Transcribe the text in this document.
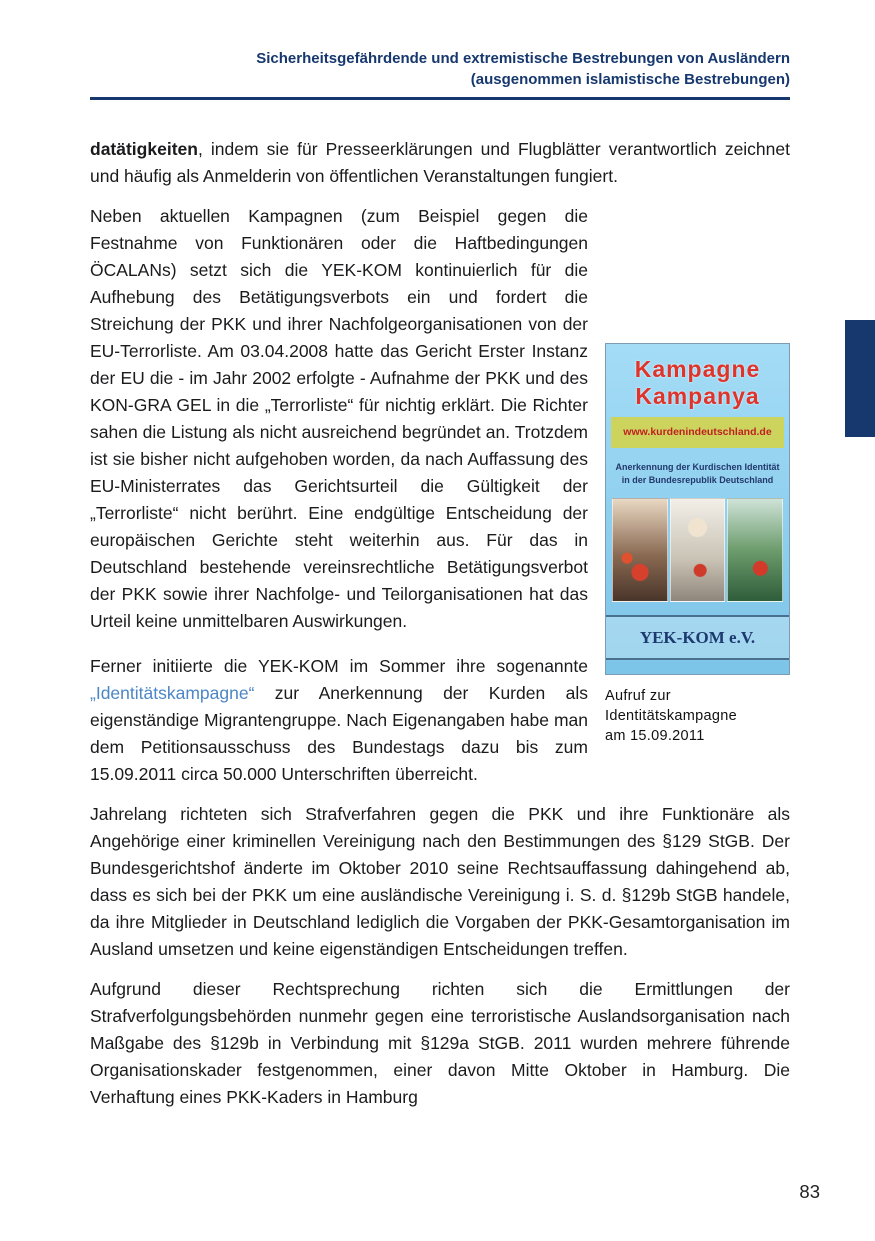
Sicherheitsgefährdende und extremistische Bestrebungen von Ausländern
(ausgenommen islamistische Bestrebungen)

datätigkeiten, indem sie für Presseerklärungen und Flugblätter verantwortlich zeichnet und häufig als Anmelderin von öffentlichen Veranstaltungen fungiert.

Kampagne
Kampanya
www.kurdenindeutschland.de
Anerkennung der Kurdischen Identität
in der Bundesrepublik Deutschland
YEK-KOM e.V.
Aufruf zur
Identitätskampagne
am 15.09.2011
Neben aktuellen Kampagnen (zum Beispiel gegen die Festnahme von Funktionären oder die Haftbedingungen ÖCALANs) setzt sich die YEK-KOM kontinuierlich für die Aufhebung des Betätigungsverbots ein und fordert die Streichung der PKK und ihrer Nachfolgeorganisationen von der EU-Terrorliste. Am 03.04.2008 hatte das Gericht Erster Instanz der EU die - im Jahr 2002 erfolgte - Aufnahme der PKK und des KON-GRA GEL in die „Terrorliste“ für nichtig erklärt. Die Richter sahen die Listung als nicht ausreichend begründet an. Trotzdem ist sie bisher nicht aufgehoben worden, da nach Auffassung des EU-Ministerrates das Gerichtsurteil die Gültigkeit der „Terrorliste“ nicht berührt. Eine endgültige Entscheidung der europäischen Gerichte steht weiterhin aus. Für das in Deutschland bestehende vereinsrechtliche Betätigungsverbot der PKK sowie ihrer Nachfolge- und Teilorganisationen hat das Urteil keine unmittelbaren Auswirkungen.

Ferner initiierte die YEK-KOM im Sommer ihre sogenannte „Identitätskampagne“ zur Anerkennung der Kurden als eigenständige Migrantengruppe. Nach Eigenangaben habe man dem Petitionsausschuss des Bundestags dazu bis zum 15.09.2011 circa 50.000 Unterschriften überreicht.

Jahrelang richteten sich Strafverfahren gegen die PKK und ihre Funktionäre als Angehörige einer kriminellen Vereinigung nach den Bestimmungen des §129 StGB. Der Bundesgerichtshof änderte im Oktober 2010 seine Rechtsauffassung dahingehend ab, dass es sich bei der PKK um eine ausländische Vereinigung i. S. d. §129b StGB handele, da ihre Mitglieder in Deutschland lediglich die Vorgaben der PKK-Gesamtorganisation im Ausland umsetzen und keine eigenständigen Entscheidungen treffen.

Aufgrund dieser Rechtsprechung richten sich die Ermittlungen der Strafverfolgungsbehörden nunmehr gegen eine terroristische Auslandsorganisation nach Maßgabe des §129b in Verbindung mit §129a StGB. 2011 wurden mehrere führende Organisationskader festgenommen, einer davon Mitte Oktober in Hamburg. Die Verhaftung eines PKK-Kaders in Hamburg

83
